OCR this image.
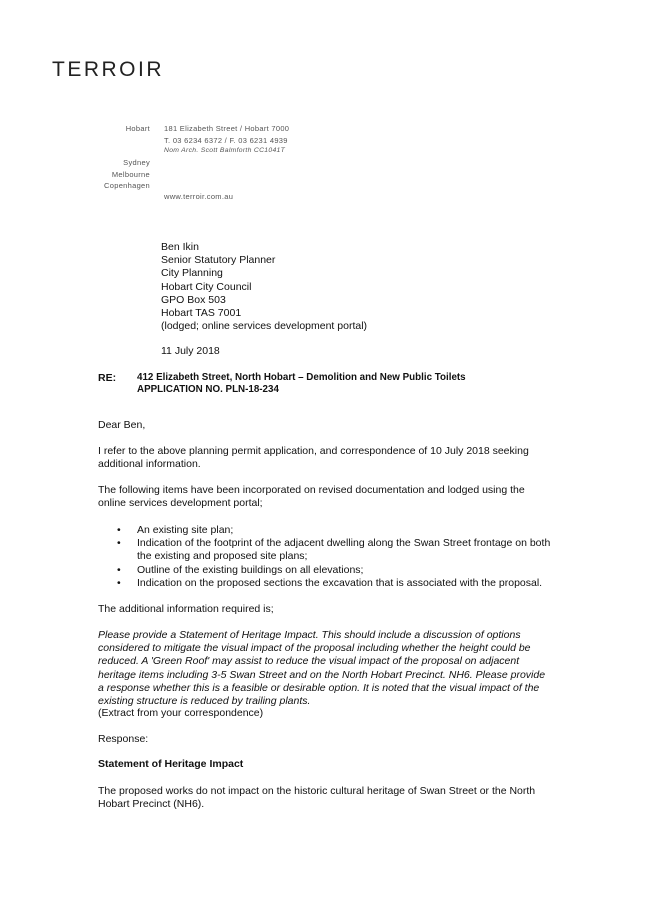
TERROIR
Hobart 181 Elizabeth Street / Hobart 7000
T. 03 6234 6372 / F. 03 6231 4939
Nom Arch. Scott Balmforth CC1041T
Sydney
Melbourne
Copenhagen
www.terroir.com.au
Ben Ikin
Senior Statutory Planner
City Planning
Hobart City Council
GPO Box 503
Hobart TAS 7001
(lodged; online services development portal)
11 July 2018
RE: 412 Elizabeth Street, North Hobart – Demolition and New Public Toilets
APPLICATION NO. PLN-18-234
Dear Ben,
I refer to the above planning permit application, and correspondence of 10 July 2018 seeking additional information.
The following items have been incorporated on revised documentation and lodged using the online services development portal;
• An existing site plan;
• Indication of the footprint of the adjacent dwelling along the Swan Street frontage on both the existing and proposed site plans;
• Outline of the existing buildings on all elevations;
• Indication on the proposed sections the excavation that is associated with the proposal.
The additional information required is;
Please provide a Statement of Heritage Impact. This should include a discussion of options considered to mitigate the visual impact of the proposal including whether the height could be reduced. A 'Green Roof' may assist to reduce the visual impact of the proposal on adjacent heritage items including 3-5 Swan Street and on the North Hobart Precinct. NH6. Please provide a response whether this is a feasible or desirable option. It is noted that the visual impact of the existing structure is reduced by trailing plants.
(Extract from your correspondence)
Response:
Statement of Heritage Impact
The proposed works do not impact on the historic cultural heritage of Swan Street or the North Hobart Precinct (NH6).
